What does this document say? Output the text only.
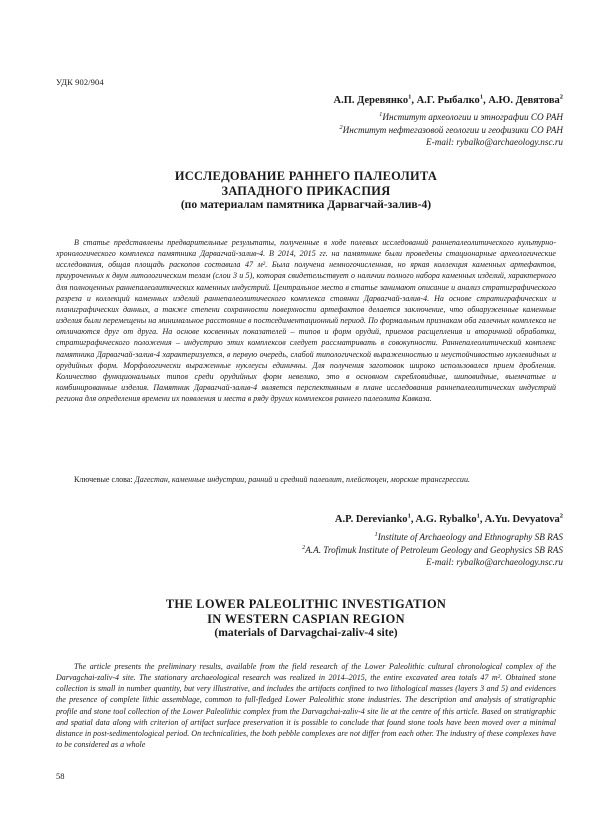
УДК 902/904
А.П. Деревянко$^1$, А.Г. Рыбалко$^1$, А.Ю. Девятова$^2$
$^1$Институт археологии и этнографии СО РАН
$^2$Институт нефтегазовой геологии и геофизики СО РАН
E-mail: rybalko@archaeology.nsc.ru
ИССЛЕДОВАНИЕ РАННЕГО ПАЛЕОЛИТА
ЗАПАДНОГО ПРИКАСПИЯ
(по материалам памятника Дарвагчай-залив-4)

В статье представлены предварительные результаты, полученные в ходе полевых исследований раннепалеолитического культурно-хронологического комплекса памятника Дарвагчай-залив-4. В 2014, 2015 гг. на памятнике были проведены стационарные археологические исследования, общая площадь раскопов составила 47 м². Была получена немногочисленная, но яркая коллекция каменных артефактов, приуроченных к двум литологическим телам (слои 3 и 5), которая свидетельствует о наличии полного набора каменных изделий, характерного для полноценных раннепалеолитических каменных индустрий. Центральное место в статье занимают описание и анализ стратиграфического разреза и коллекций каменных изделий раннепалеолитического комплекса стоянки Дарвагчай-залив-4. На основе стратиграфических и планиграфических данных, а также степени сохранности поверхности артефактов делается заключение, что обнаруженные каменные изделия были перемещены на минимальное расстояние в постседиментационный период. По формальным признакам оба галечных комплекса не отличаются друг от друга. На основе косвенных показателей – типов и форм орудий, приемов расщепления и вторичной обработки, стратиграфического положения – индустрию этих комплексов следует рассматривать в совокупности. Раннепалеолитический комплекс памятника Дарвагчай-залив-4 характеризуется, в первую очередь, слабой типологической выраженностью и неустойчивостью нуклевидных и орудийных форм. Морфологически выраженные нуклеусы единичны. Для получения заготовок широко использовался прием дробления. Количество функциональных типов среди орудийных форм невелико, это в основном скребловидные, шиповидные, выемчатые и комбинированные изделия. Памятник Дарвагчай-залив-4 является перспективным в плане исследования раннепалеолитических индустрий региона для определения времени их появления и места в ряду других комплексов раннего палеолита Кавказа.

Ключевые слова: Дагестан, каменные индустрии, ранний и средний палеолит, плейстоцен, морские трансгрессии.

A.P. Derevianko$^1$, A.G. Rybalko$^1$, A.Yu. Devyatova$^2$
$^1$Institute of Archaeology and Ethnography SB RAS
$^2$A.A. Trofimuk Institute of Petroleum Geology and Geophysics SB RAS
E-mail: rybalko@archaeology.nsc.ru
THE LOWER PALEOLITHIC INVESTIGATION
IN WESTERN CASPIAN REGION
(materials of Darvagchai-zaliv-4 site)

The article presents the preliminary results, available from the field research of the Lower Paleolithic cultural chronological complex of the Darvagchai-zaliv-4 site. The stationary archaeological research was realized in 2014–2015, the entire excavated area totals 47 m². Obtained stone collection is small in number quantity, but very illustrative, and includes the artifacts confined to two lithological masses (layers 3 and 5) and evidences the presence of complete lithic assemblage, common to full-fledged Lower Paleolithic stone industries. The description and analysis of stratigraphic profile and stone tool collection of the Lower Paleolithic complex from the Darvagchai-zaliv-4 site lie at the centre of this article. Based on stratigraphic and spatial data along with criterion of artifact surface preservation it is possible to conclude that found stone tools have been moved over a minimal distance in post-sedimentological period. On technicalities, the both pebble complexes are not differ from each other. The industry of these complexes have to be considered as a whole

58
